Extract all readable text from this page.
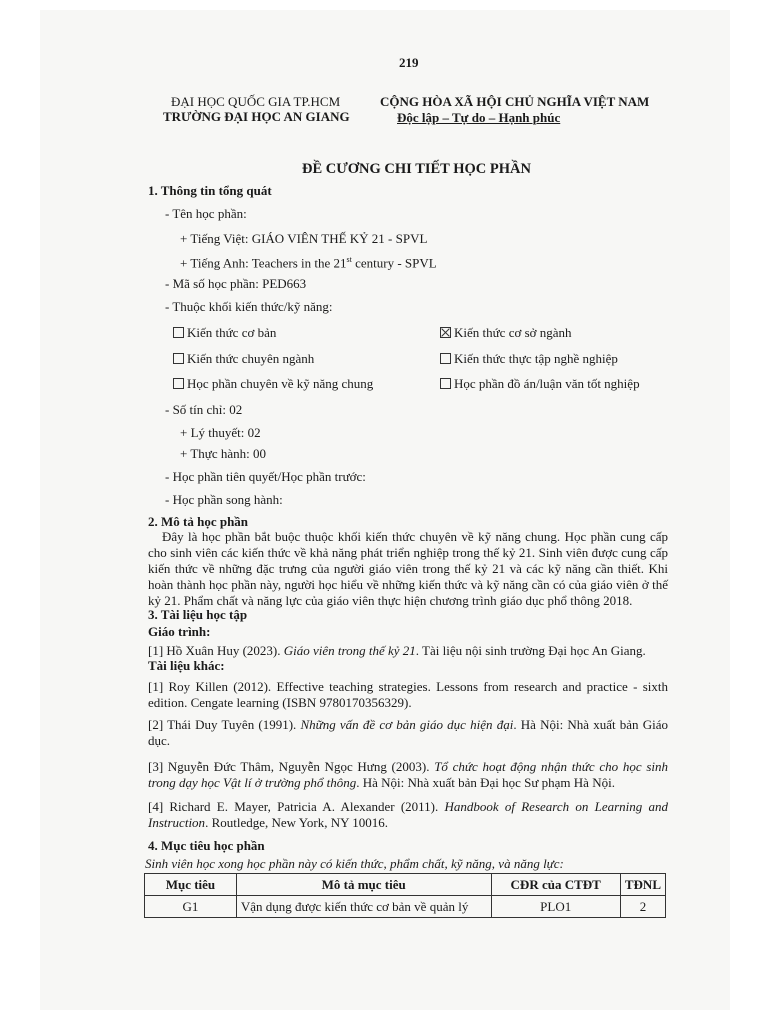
219
ĐẠI HỌC QUỐC GIA TP.HCM
TRƯỜNG ĐẠI HỌC AN GIANG
CỘNG HÒA XÃ HỘI CHỦ NGHĨA VIỆT NAM
Độc lập – Tự do – Hạnh phúc
ĐỀ CƯƠNG CHI TIẾT HỌC PHẦN
1. Thông tin tổng quát
- Tên học phần:
+ Tiếng Việt: GIÁO VIÊN THẾ KỶ 21 - SPVL
+ Tiếng Anh: Teachers in the 21st century - SPVL
- Mã số học phần: PED663
- Thuộc khối kiến thức/kỹ năng:
Kiến thức cơ bản	Kiến thức cơ sở ngành
Kiến thức chuyên ngành	Kiến thức thực tập nghề nghiệp
Học phần chuyên về kỹ năng chung	Học phần đồ án/luận văn tốt nghiệp
- Số tín chỉ: 02
+ Lý thuyết: 02
+ Thực hành: 00
- Học phần tiên quyết/Học phần trước:
- Học phần song hành:
2. Mô tả học phần
Đây là học phần bắt buộc thuộc khối kiến thức chuyên về kỹ năng chung. Học phần cung cấp cho sinh viên các kiến thức về khả năng phát triển nghiệp trong thế kỷ 21. Sinh viên được cung cấp kiến thức về những đặc trưng của người giáo viên trong thế kỷ 21 và các kỹ năng cần thiết. Khi hoàn thành học phần này, người học hiểu về những kiến thức và kỹ năng cần có của giáo viên ở thế kỷ 21. Phẩm chất và năng lực của giáo viên thực hiện chương trình giáo dục phổ thông 2018.
3. Tài liệu học tập
Giáo trình:
[1] Hồ Xuân Huy (2023). Giáo viên trong thế kỷ 21. Tài liệu nội sinh trường Đại học An Giang.
Tài liệu khác:
[1] Roy Killen (2012). Effective teaching strategies. Lessons from research and practice - sixth edition. Cengate learning (ISBN 9780170356329).
[2] Thái Duy Tuyên (1991). Những vấn đề cơ bản giáo dục hiện đại. Hà Nội: Nhà xuất bản Giáo dục.
[3] Nguyễn Đức Thâm, Nguyễn Ngọc Hưng (2003). Tổ chức hoạt động nhận thức cho học sinh trong dạy học Vật lí ở trường phổ thông. Hà Nội: Nhà xuất bản Đại học Sư phạm Hà Nội.
[4] Richard E. Mayer, Patricia A. Alexander (2011). Handbook of Research on Learning and Instruction. Routledge, New York, NY 10016.
4. Mục tiêu học phần
Sinh viên học xong học phần này có kiến thức, phẩm chất, kỹ năng, và năng lực:
Mục tiêu	Mô tả mục tiêu	CĐR của CTĐT	TĐNL
G1	Vận dụng được kiến thức cơ bản về quản lý	PLO1	2
